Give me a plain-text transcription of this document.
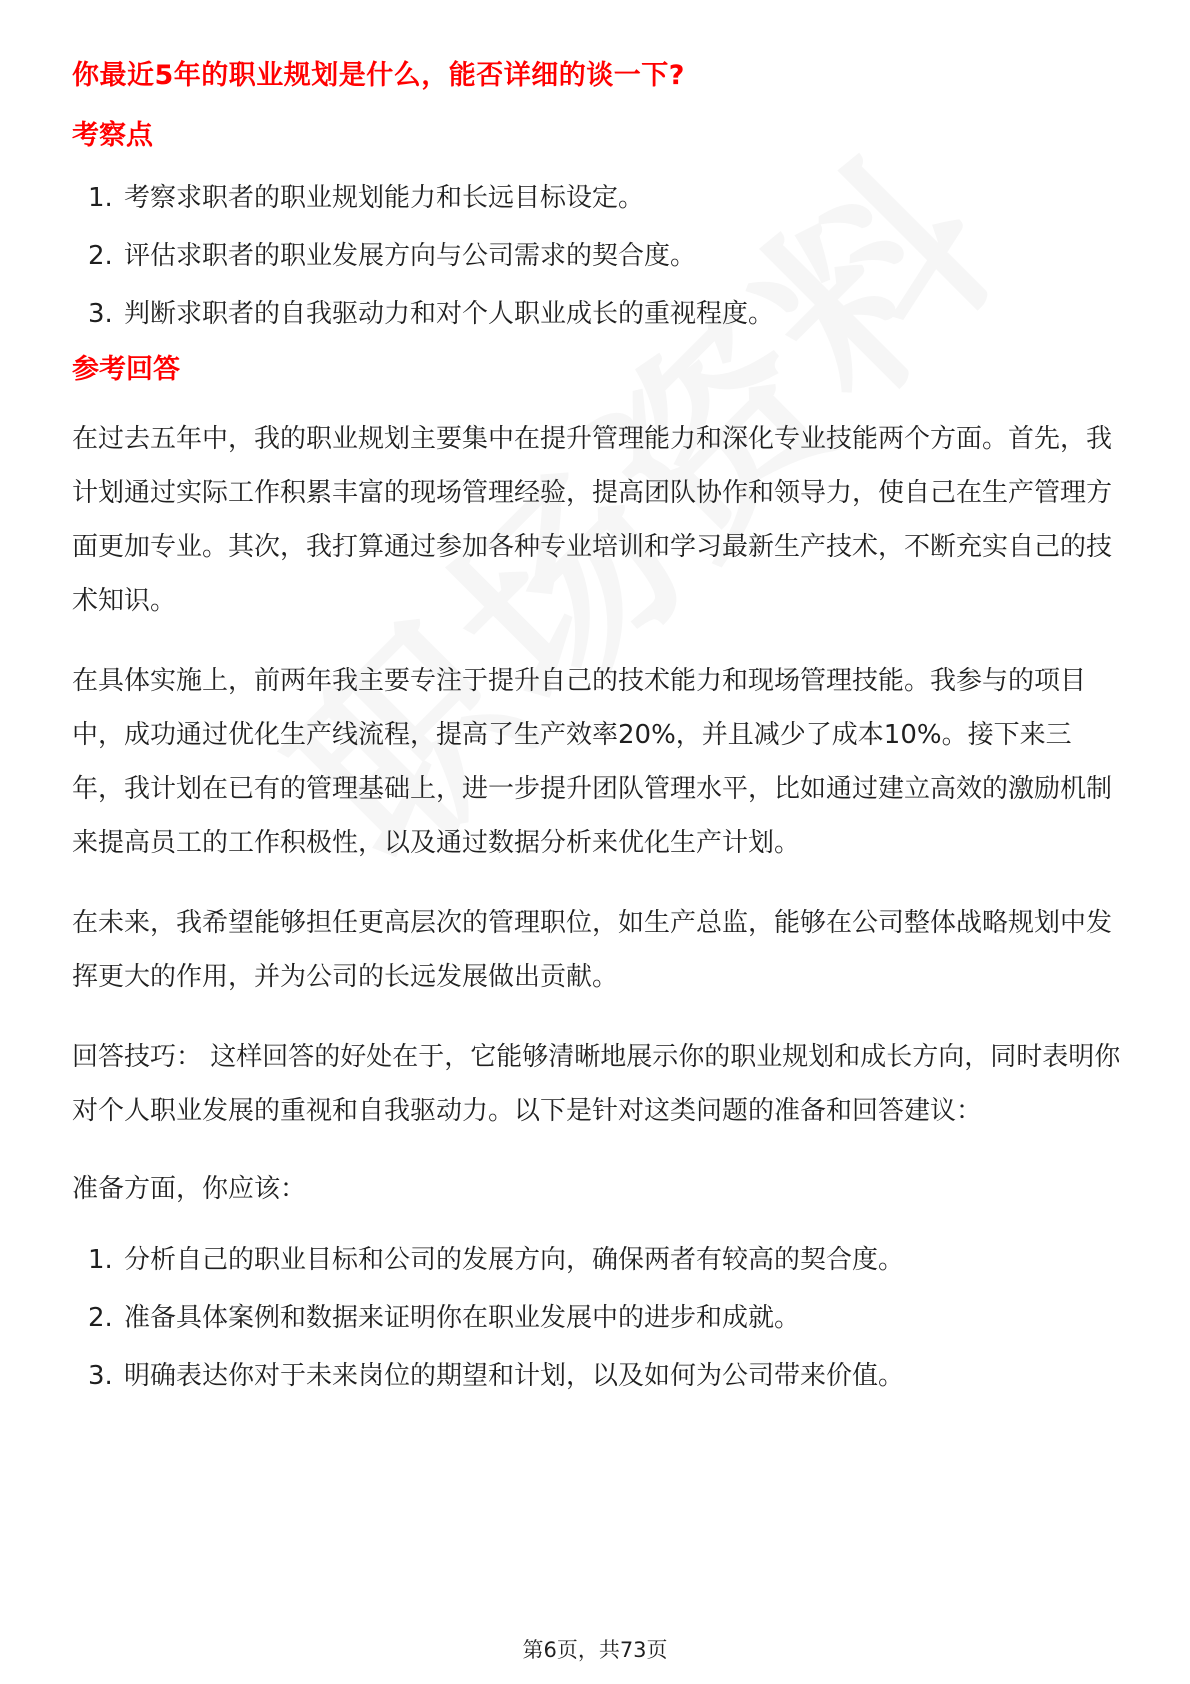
你最近5年的职业规划是什么，能否详细的谈一下?
考察点
1. 考察求职者的职业规划能力和长远目标设定。
2. 评估求职者的职业发展方向与公司需求的契合度。
3. 判断求职者的自我驱动力和对个人职业成长的重视程度。
参考回答

在过去五年中，我的职业规划主要集中在提升管理能力和深化专业技能两个方面。首先，我计划通过实际工作积累丰富的现场管理经验，提高团队协作和领导力，使自己在生产管理方面更加专业。其次，我打算通过参加各种专业培训和学习最新生产技术，不断充实自己的技术知识。

在具体实施上，前两年我主要专注于提升自己的技术能力和现场管理技能。我参与的项目中，成功通过优化生产线流程，提高了生产效率20%，并且减少了成本10%。接下来三年，我计划在已有的管理基础上，进一步提升团队管理水平，比如通过建立高效的激励机制来提高员工的工作积极性，以及通过数据分析来优化生产计划。

在未来，我希望能够担任更高层次的管理职位，如生产总监，能够在公司整体战略规划中发挥更大的作用，并为公司的长远发展做出贡献。

回答技巧： 这样回答的好处在于，它能够清晰地展示你的职业规划和成长方向，同时表明你对个人职业发展的重视和自我驱动力。以下是针对这类问题的准备和回答建议：

准备方面，你应该：

1. 分析自己的职业目标和公司的发展方向，确保两者有较高的契合度。
2. 准备具体案例和数据来证明你在职业发展中的进步和成就。
3. 明确表达你对于未来岗位的期望和计划，以及如何为公司带来价值。
第6页，共73页
